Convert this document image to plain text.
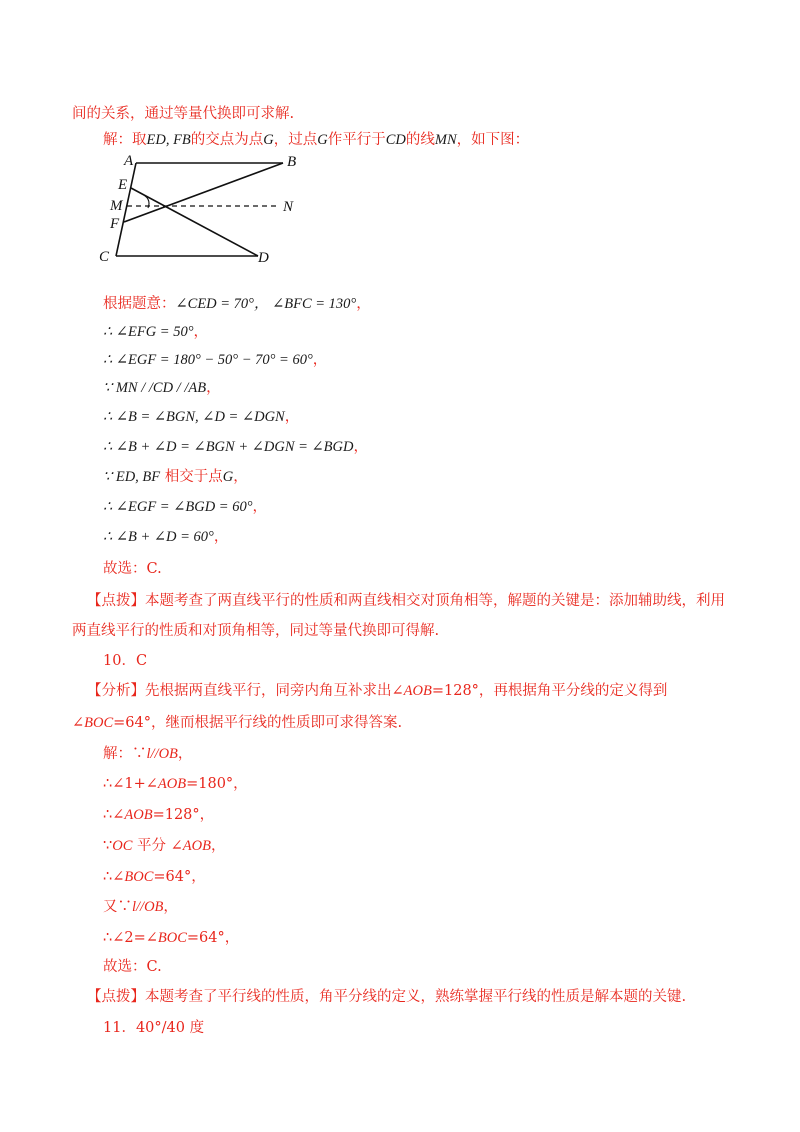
间的关系，通过等量代换即可求解.
解：取ED, FB的交点为点G，过点G作平行于CD的线MN，如下图：
A	B
E
M	N
F
C	D
根据题意：∠CED = 70°， ∠BFC = 130°，
∴ ∠EFG = 50°，
∴ ∠EGF = 180° − 50° − 70° = 60°，
∵ MN / /CD / /AB，
∴ ∠B = ∠BGN, ∠D = ∠DGN，
∴ ∠B + ∠D = ∠BGN + ∠DGN = ∠BGD，
∵ ED, BF 相交于点G，
∴ ∠EGF = ∠BGD = 60°，
∴ ∠B + ∠D = 60°，
故选：C.
【点拨】本题考查了两直线平行的性质和两直线相交对顶角相等，解题的关键是：添加辅助线，利用
两直线平行的性质和对顶角相等，同过等量代换即可得解.
10．C
【分析】先根据两直线平行，同旁内角互补求出∠AOB=128°，再根据角平分线的定义得到
∠BOC=64°，继而根据平行线的性质即可求得答案.
解：∵l//OB，
∴∠1+∠AOB=180°，
∴∠AOB=128°，
∵OC 平分 ∠AOB，
∴∠BOC=64°，
又∵l//OB，
∴∠2=∠BOC=64°，
故选：C.
【点拨】本题考查了平行线的性质，角平分线的定义，熟练掌握平行线的性质是解本题的关键.
11．40°/40 度
